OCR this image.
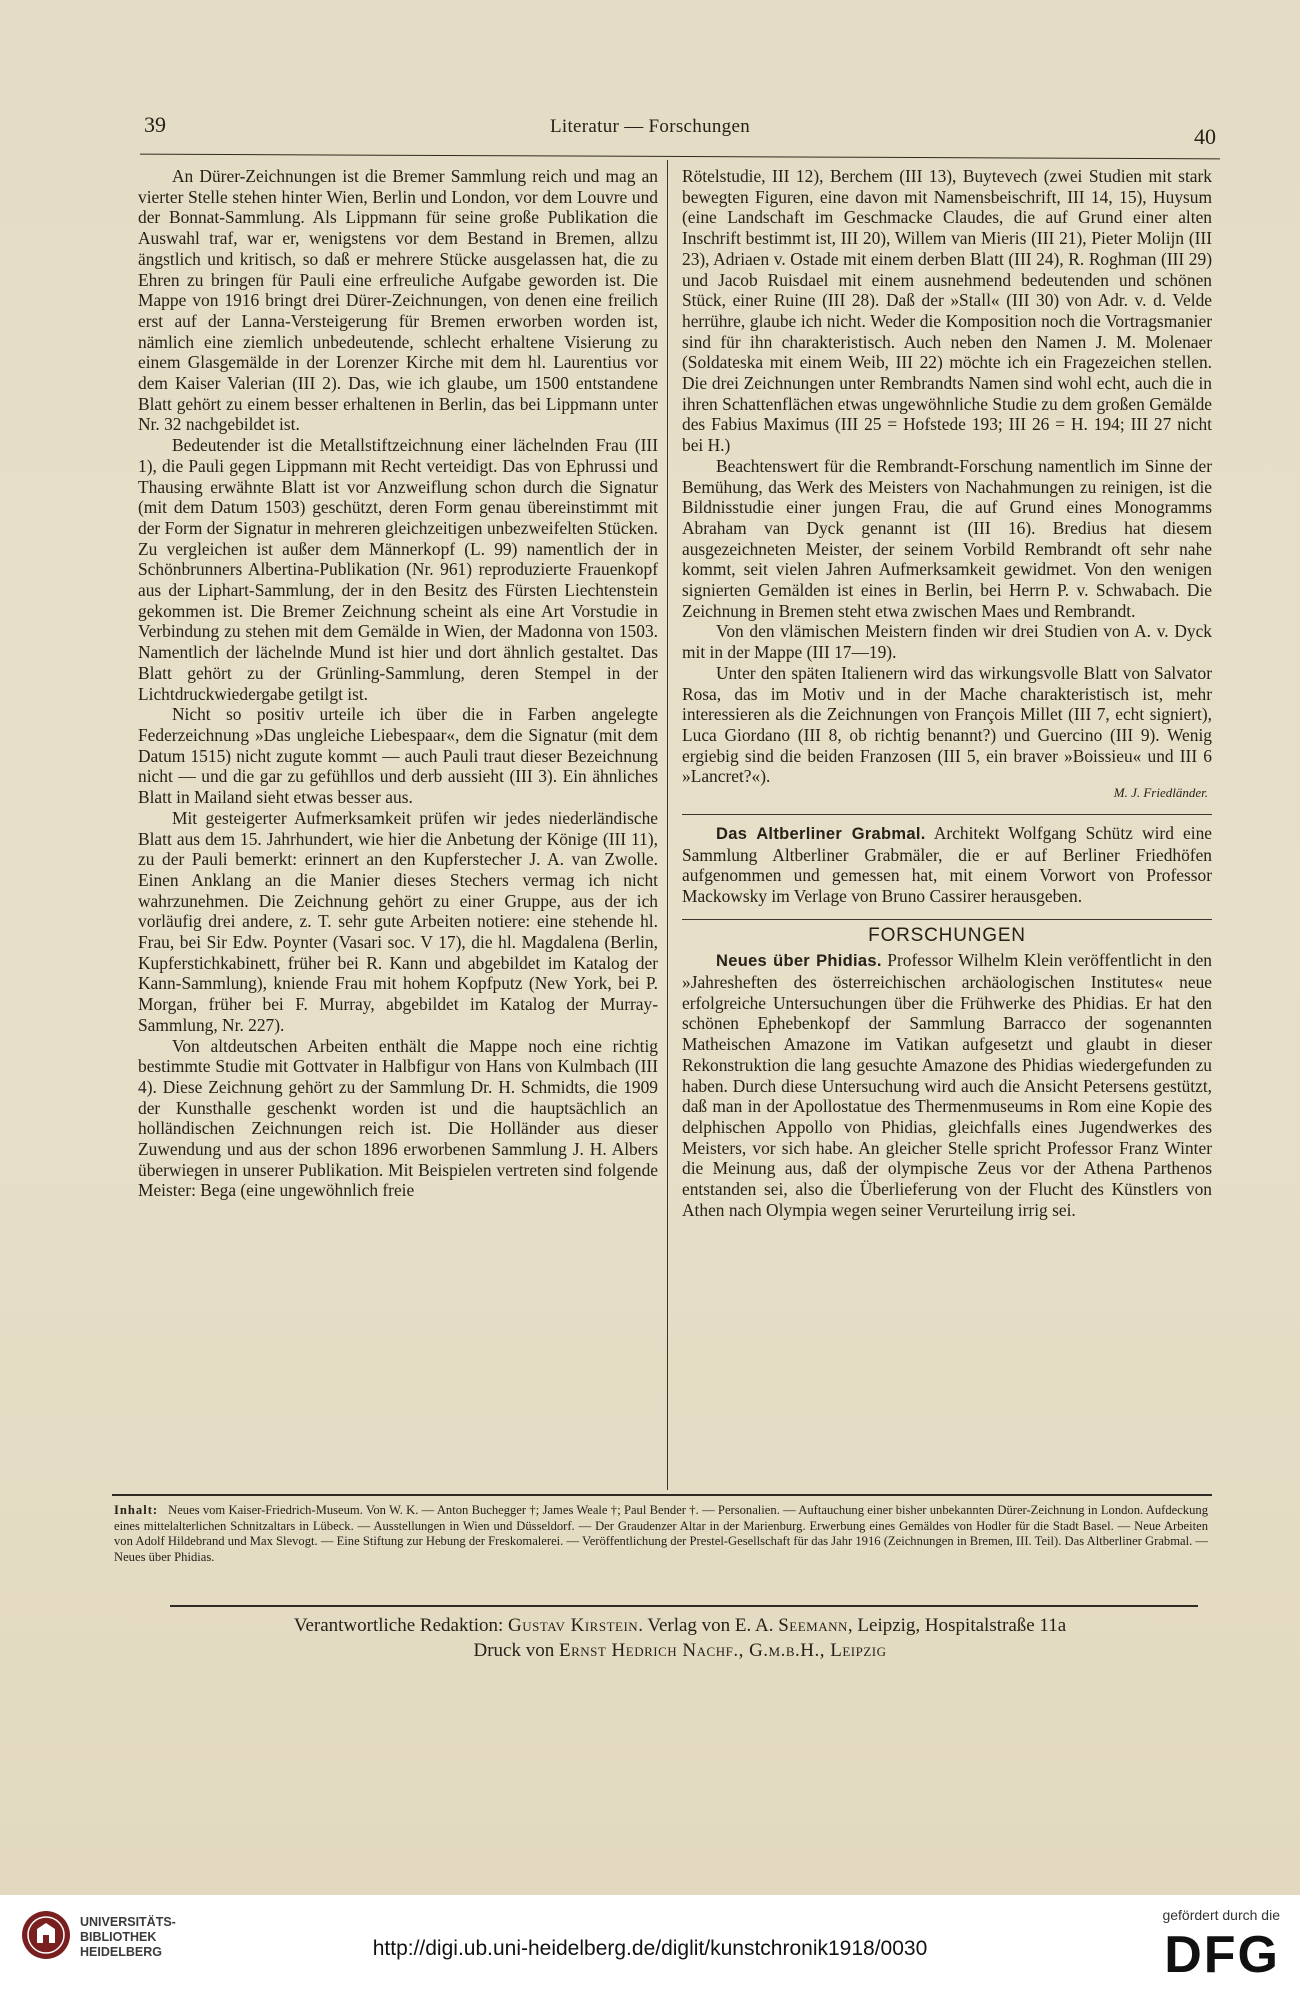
39	Literatur — Forschungen	40

An Dürer-Zeichnungen ist die Bremer Sammlung reich und mag an vierter Stelle stehen hinter Wien, Berlin und London, vor dem Louvre und der Bonnat-Sammlung. Als Lippmann für seine große Publikation die Auswahl traf, war er, wenigstens vor dem Bestand in Bremen, allzu ängstlich und kritisch, so daß er mehrere Stücke ausgelassen hat, die zu Ehren zu bringen für Pauli eine erfreuliche Aufgabe geworden ist. Die Mappe von 1916 bringt drei Dürer-Zeichnungen, von denen eine freilich erst auf der Lanna-Versteigerung für Bremen erworben worden ist, nämlich eine ziemlich unbedeutende, schlecht erhaltene Visierung zu einem Glasgemälde in der Lorenzer Kirche mit dem hl. Laurentius vor dem Kaiser Valerian (III 2). Das, wie ich glaube, um 1500 entstandene Blatt gehört zu einem besser erhaltenen in Berlin, das bei Lippmann unter Nr. 32 nachgebildet ist.

Bedeutender ist die Metallstiftzeichnung einer lächelnden Frau (III 1), die Pauli gegen Lippmann mit Recht verteidigt. Das von Ephrussi und Thausing erwähnte Blatt ist vor Anzweiflung schon durch die Signatur (mit dem Datum 1503) geschützt, deren Form genau übereinstimmt mit der Form der Signatur in mehreren gleichzeitigen unbezweifelten Stücken. Zu vergleichen ist außer dem Männerkopf (L. 99) namentlich der in Schönbrunners Albertina-Publikation (Nr. 961) reproduzierte Frauenkopf aus der Liphart-Sammlung, der in den Besitz des Fürsten Liechtenstein gekommen ist. Die Bremer Zeichnung scheint als eine Art Vorstudie in Verbindung zu stehen mit dem Gemälde in Wien, der Madonna von 1503. Namentlich der lächelnde Mund ist hier und dort ähnlich gestaltet. Das Blatt gehört zu der Grünling-Sammlung, deren Stempel in der Lichtdruckwiedergabe getilgt ist.

Nicht so positiv urteile ich über die in Farben angelegte Federzeichnung »Das ungleiche Liebespaar«, dem die Signatur (mit dem Datum 1515) nicht zugute kommt — auch Pauli traut dieser Bezeichnung nicht — und die gar zu gefühllos und derb aussieht (III 3). Ein ähnliches Blatt in Mailand sieht etwas besser aus.

Mit gesteigerter Aufmerksamkeit prüfen wir jedes niederländische Blatt aus dem 15. Jahrhundert, wie hier die Anbetung der Könige (III 11), zu der Pauli bemerkt: erinnert an den Kupferstecher J. A. van Zwolle. Einen Anklang an die Manier dieses Stechers vermag ich nicht wahrzunehmen. Die Zeichnung gehört zu einer Gruppe, aus der ich vorläufig drei andere, z. T. sehr gute Arbeiten notiere: eine stehende hl. Frau, bei Sir Edw. Poynter (Vasari soc. V 17), die hl. Magdalena (Berlin, Kupferstichkabinett, früher bei R. Kann und abgebildet im Katalog der Kann-Sammlung), kniende Frau mit hohem Kopfputz (New York, bei P. Morgan, früher bei F. Murray, abgebildet im Katalog der Murray-Sammlung, Nr. 227).

Von altdeutschen Arbeiten enthält die Mappe noch eine richtig bestimmte Studie mit Gottvater in Halbfigur von Hans von Kulmbach (III 4). Diese Zeichnung gehört zu der Sammlung Dr. H. Schmidts, die 1909 der Kunsthalle geschenkt worden ist und die hauptsächlich an holländischen Zeichnungen reich ist. Die Holländer aus dieser Zuwendung und aus der schon 1896 erworbenen Sammlung J. H. Albers überwiegen in unserer Publikation. Mit Beispielen vertreten sind folgende Meister: Bega (eine ungewöhnlich freie

Rötelstudie, III 12), Berchem (III 13), Buytevech (zwei Studien mit stark bewegten Figuren, eine davon mit Namensbeischrift, III 14, 15), Huysum (eine Landschaft im Geschmacke Claudes, die auf Grund einer alten Inschrift bestimmt ist, III 20), Willem van Mieris (III 21), Pieter Molijn (III 23), Adriaen v. Ostade mit einem derben Blatt (III 24), R. Roghman (III 29) und Jacob Ruisdael mit einem ausnehmend bedeutenden und schönen Stück, einer Ruine (III 28). Daß der »Stall« (III 30) von Adr. v. d. Velde herrühre, glaube ich nicht. Weder die Komposition noch die Vortragsmanier sind für ihn charakteristisch. Auch neben den Namen J. M. Molenaer (Soldateska mit einem Weib, III 22) möchte ich ein Fragezeichen stellen. Die drei Zeichnungen unter Rembrandts Namen sind wohl echt, auch die in ihren Schattenflächen etwas ungewöhnliche Studie zu dem großen Gemälde des Fabius Maximus (III 25 = Hofstede 193; III 26 = H. 194; III 27 nicht bei H.)

Beachtenswert für die Rembrandt-Forschung namentlich im Sinne der Bemühung, das Werk des Meisters von Nachahmungen zu reinigen, ist die Bildnisstudie einer jungen Frau, die auf Grund eines Monogramms Abraham van Dyck genannt ist (III 16). Bredius hat diesem ausgezeichneten Meister, der seinem Vorbild Rembrandt oft sehr nahe kommt, seit vielen Jahren Aufmerksamkeit gewidmet. Von den wenigen signierten Gemälden ist eines in Berlin, bei Herrn P. v. Schwabach. Die Zeichnung in Bremen steht etwa zwischen Maes und Rembrandt.

Von den vlämischen Meistern finden wir drei Studien von A. v. Dyck mit in der Mappe (III 17—19).

Unter den späten Italienern wird das wirkungsvolle Blatt von Salvator Rosa, das im Motiv und in der Mache charakteristisch ist, mehr interessieren als die Zeichnungen von François Millet (III 7, echt signiert), Luca Giordano (III 8, ob richtig benannt?) und Guercino (III 9). Wenig ergiebig sind die beiden Franzosen (III 5, ein braver »Boissieu« und III 6 »Lancret?«).

M. J. Friedländer.

Das Altberliner Grabmal. Architekt Wolfgang Schütz wird eine Sammlung Altberliner Grabmäler, die er auf Berliner Friedhöfen aufgenommen und gemessen hat, mit einem Vorwort von Professor Mackowsky im Verlage von Bruno Cassirer herausgeben.

FORSCHUNGEN

Neues über Phidias. Professor Wilhelm Klein veröffentlicht in den »Jahresheften des österreichischen archäologischen Institutes« neue erfolgreiche Untersuchungen über die Frühwerke des Phidias. Er hat den schönen Ephebenkopf der Sammlung Barracco der sogenannten Matheischen Amazone im Vatikan aufgesetzt und glaubt in dieser Rekonstruktion die lang gesuchte Amazone des Phidias wiedergefunden zu haben. Durch diese Untersuchung wird auch die Ansicht Petersens gestützt, daß man in der Apollostatue des Thermenmuseums in Rom eine Kopie des delphischen Appollo von Phidias, gleichfalls eines Jugendwerkes des Meisters, vor sich habe. An gleicher Stelle spricht Professor Franz Winter die Meinung aus, daß der olympische Zeus vor der Athena Parthenos entstanden sei, also die Überlieferung von der Flucht des Künstlers von Athen nach Olympia wegen seiner Verurteilung irrig sei.

Inhalt: Neues vom Kaiser-Friedrich-Museum. Von W. K. — Anton Buchegger †; James Weale †; Paul Bender †. — Personalien. — Auftauchung einer bisher unbekannten Dürer-Zeichnung in London. Aufdeckung eines mittelalterlichen Schnitzaltars in Lübeck. — Ausstellungen in Wien und Düsseldorf. — Der Graudenzer Altar in der Marienburg. Erwerbung eines Gemäldes von Hodler für die Stadt Basel. — Neue Arbeiten von Adolf Hildebrand und Max Slevogt. — Eine Stiftung zur Hebung der Freskomalerei. — Veröffentlichung der Prestel-Gesellschaft für das Jahr 1916 (Zeichnungen in Bremen, III. Teil). Das Altberliner Grabmal. — Neues über Phidias.
Verantwortliche Redaktion: Gustav Kirstein. Verlag von E. A. Seemann, Leipzig, Hospitalstraße 11a
Druck von Ernst Hedrich Nachf., G.m.b.H., Leipzig
UNIVERSITÄTS-
BIBLIOTHEK
HEIDELBERG	http://digi.ub.uni-heidelberg.de/diglit/kunstchronik1918/0030
gefördert durch die
DFG
